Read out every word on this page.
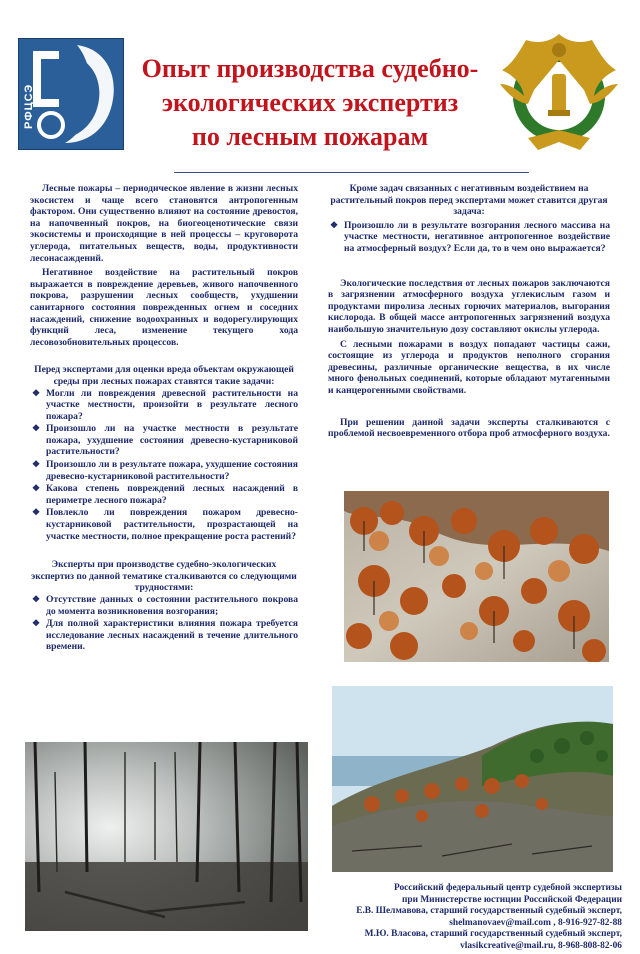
РФЦСЭ
Опыт производства судебно-
экологических экспертиз
по лесным пожарам

Лесные пожары – периодическое явление в жизни лесных экосистем и чаще всего становятся антропогенным фактором. Они существенно влияют на состояние древостоя, на напочвенный покров, на биогеоценотические связи экосистемы и происходящие в ней процессы – круговорота углерода, питательных веществ, воды, продуктивности лесонасаждений.

Негативное воздействие на растительный покров выражается в повреждение деревьев, живого напочвенного покрова, разрушении лесных сообществ, ухудшении санитарного состояния поврежденных огнем и соседних насаждений, снижение водоохранных и водорегулирующих функций леса, изменение текущего хода лесовозобновительных процессов.

Перед экспертами для оценки вреда объектам окружающей среды при лесных пожарах ставятся такие задачи:

❖ Могли ли повреждения древесной растительности на участке местности, произойти в результате лесного пожара?
❖ Произошло ли на участке местности в результате пожара, ухудшение состояния древесно-кустарниковой растительности?
❖ Произошло ли в результате пожара, ухудшение состояния древесно-кустарниковой растительности?
❖ Какова степень повреждений лесных насаждений в периметре лесного пожара?
❖ Повлекло ли повреждения пожаром древесно-кустарниковой растительности, прозрастающей на участке местности, полное прекращение роста растений?

Эксперты при производстве судебно-экологических экспертиз по данной тематике сталкиваются со следующими трудностями:

❖ Отсутствие данных о состоянии растительного покрова до момента возникновения возгорания;
❖ Для полной характеристики влияния пожара требуется исследование лесных насаждений в течение длительного времени.

Кроме задач связанных с негативным воздействием на растительный покров перед экспертами может ставится другая задача:

❖ Произошло ли в результате возгорания лесного массива на участке местности, негативное антропогенное воздействие на атмосферный воздух? Если да, то в чем оно выражается?

Экологические последствия от лесных пожаров заключаются в загрязнении атмосферного воздуха углекислым газом и продуктами пиролиза лесных горючих материалов, выгорания кислорода. В общей массе антропогенных загрязнений воздуха наибольшую значительную дозу составляют окислы углерода.

С лесными пожарами в воздух попадают частицы сажи, состоящие из углерода и продуктов неполного сгорания древесины, различные органические вещества, в их числе много фенольных соединений, которые обладают мутагенными и канцерогенными свойствами.

При решении данной задачи эксперты сталкиваются с проблемой несвоевременного отбора проб атмосферного воздуха.

Российский федеральный центр судебной экспертизы
при Министерстве юстиции Российской Федерации
Е.В. Шелмавова, старший государственный судебный эксперт,
shelmanovaev@mail.com , 8-916-927-82-88
М.Ю. Власова, старший государственный судебный эксперт,
vlasikcreative@mail.ru, 8-968-808-82-06
